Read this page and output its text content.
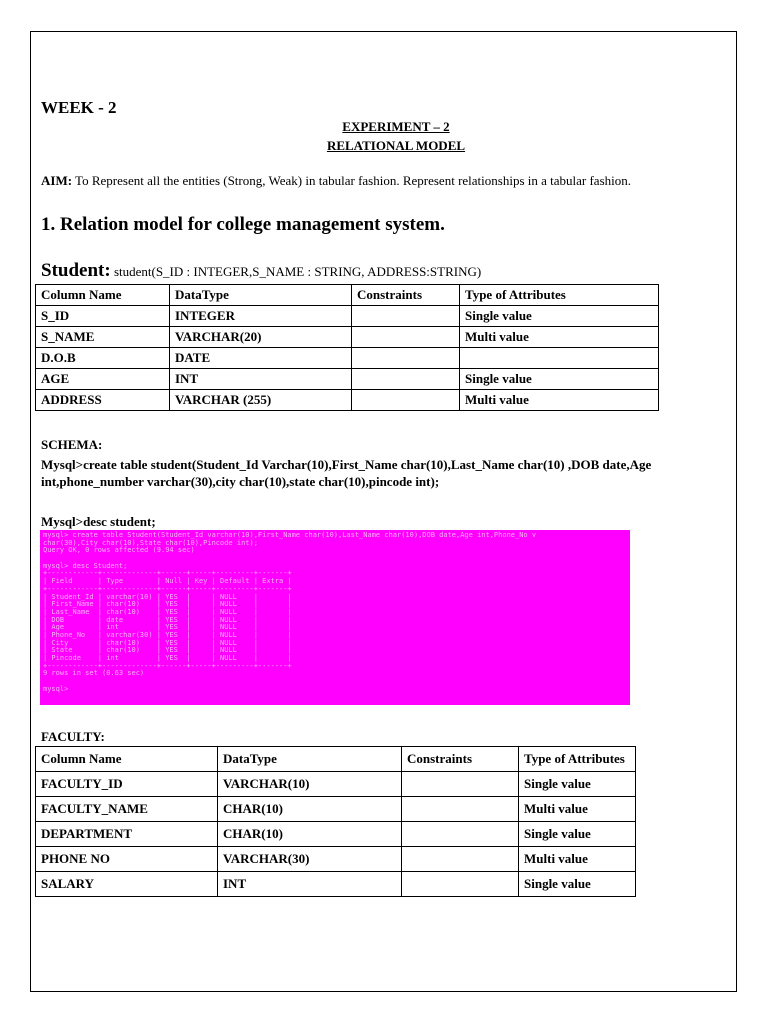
WEEK - 2
EXPERIMENT – 2
RELATIONAL MODEL
AIM: To Represent all the entities (Strong, Weak) in tabular fashion. Represent relationships in a tabular fashion.
1. Relation model for college management system.
Student: student(S_ID : INTEGER,S_NAME : STRING, ADDRESS:STRING)
Column Name	DataType	Constraints	Type of Attributes
S_ID	INTEGER		Single value
S_NAME	VARCHAR(20)		Multi value
D.O.B	DATE		
AGE	INT		Single value
ADDRESS	VARCHAR (255)		Multi value
SCHEMA:
Mysql>create table student(Student_Id Varchar(10),First_Name char(10),Last_Name char(10) ,DOB date,Age int,phone_number varchar(30),city char(10),state char(10),pincode int);
Mysql>desc student;
mysql> create table Student(Student_Id varchar(10),First_Name char(10),Last_Name char(10),DOB date,Age int,Phone_No v
char(30),City char(10),State char(10),Pincode int);
Query OK, 0 rows affected (9.94 sec)
mysql> desc Student;
+------------+-------------+------+-----+---------+-------+
| Field      | Type        | Null | Key | Default | Extra |
+------------+-------------+------+-----+---------+-------+
| Student_Id | varchar(10) | YES  |     | NULL    |       |
| First_Name | char(10)    | YES  |     | NULL    |       |
| Last_Name  | char(10)    | YES  |     | NULL    |       |
| DOB        | date        | YES  |     | NULL    |       |
| Age        | int         | YES  |     | NULL    |       |
| Phone_No   | varchar(30) | YES  |     | NULL    |       |
| City       | char(10)    | YES  |     | NULL    |       |
| State      | char(10)    | YES  |     | NULL    |       |
| Pincode    | int         | YES  |     | NULL    |       |
+------------+-------------+------+-----+---------+-------+
9 rows in set (0.63 sec)
mysql>
FACULTY:
Column Name	DataType	Constraints	Type of Attributes
FACULTY_ID	VARCHAR(10)		Single value
FACULTY_NAME	CHAR(10)		Multi value
DEPARTMENT	CHAR(10)		Single value
PHONE NO	VARCHAR(30)		Multi value
SALARY	INT		Single value
